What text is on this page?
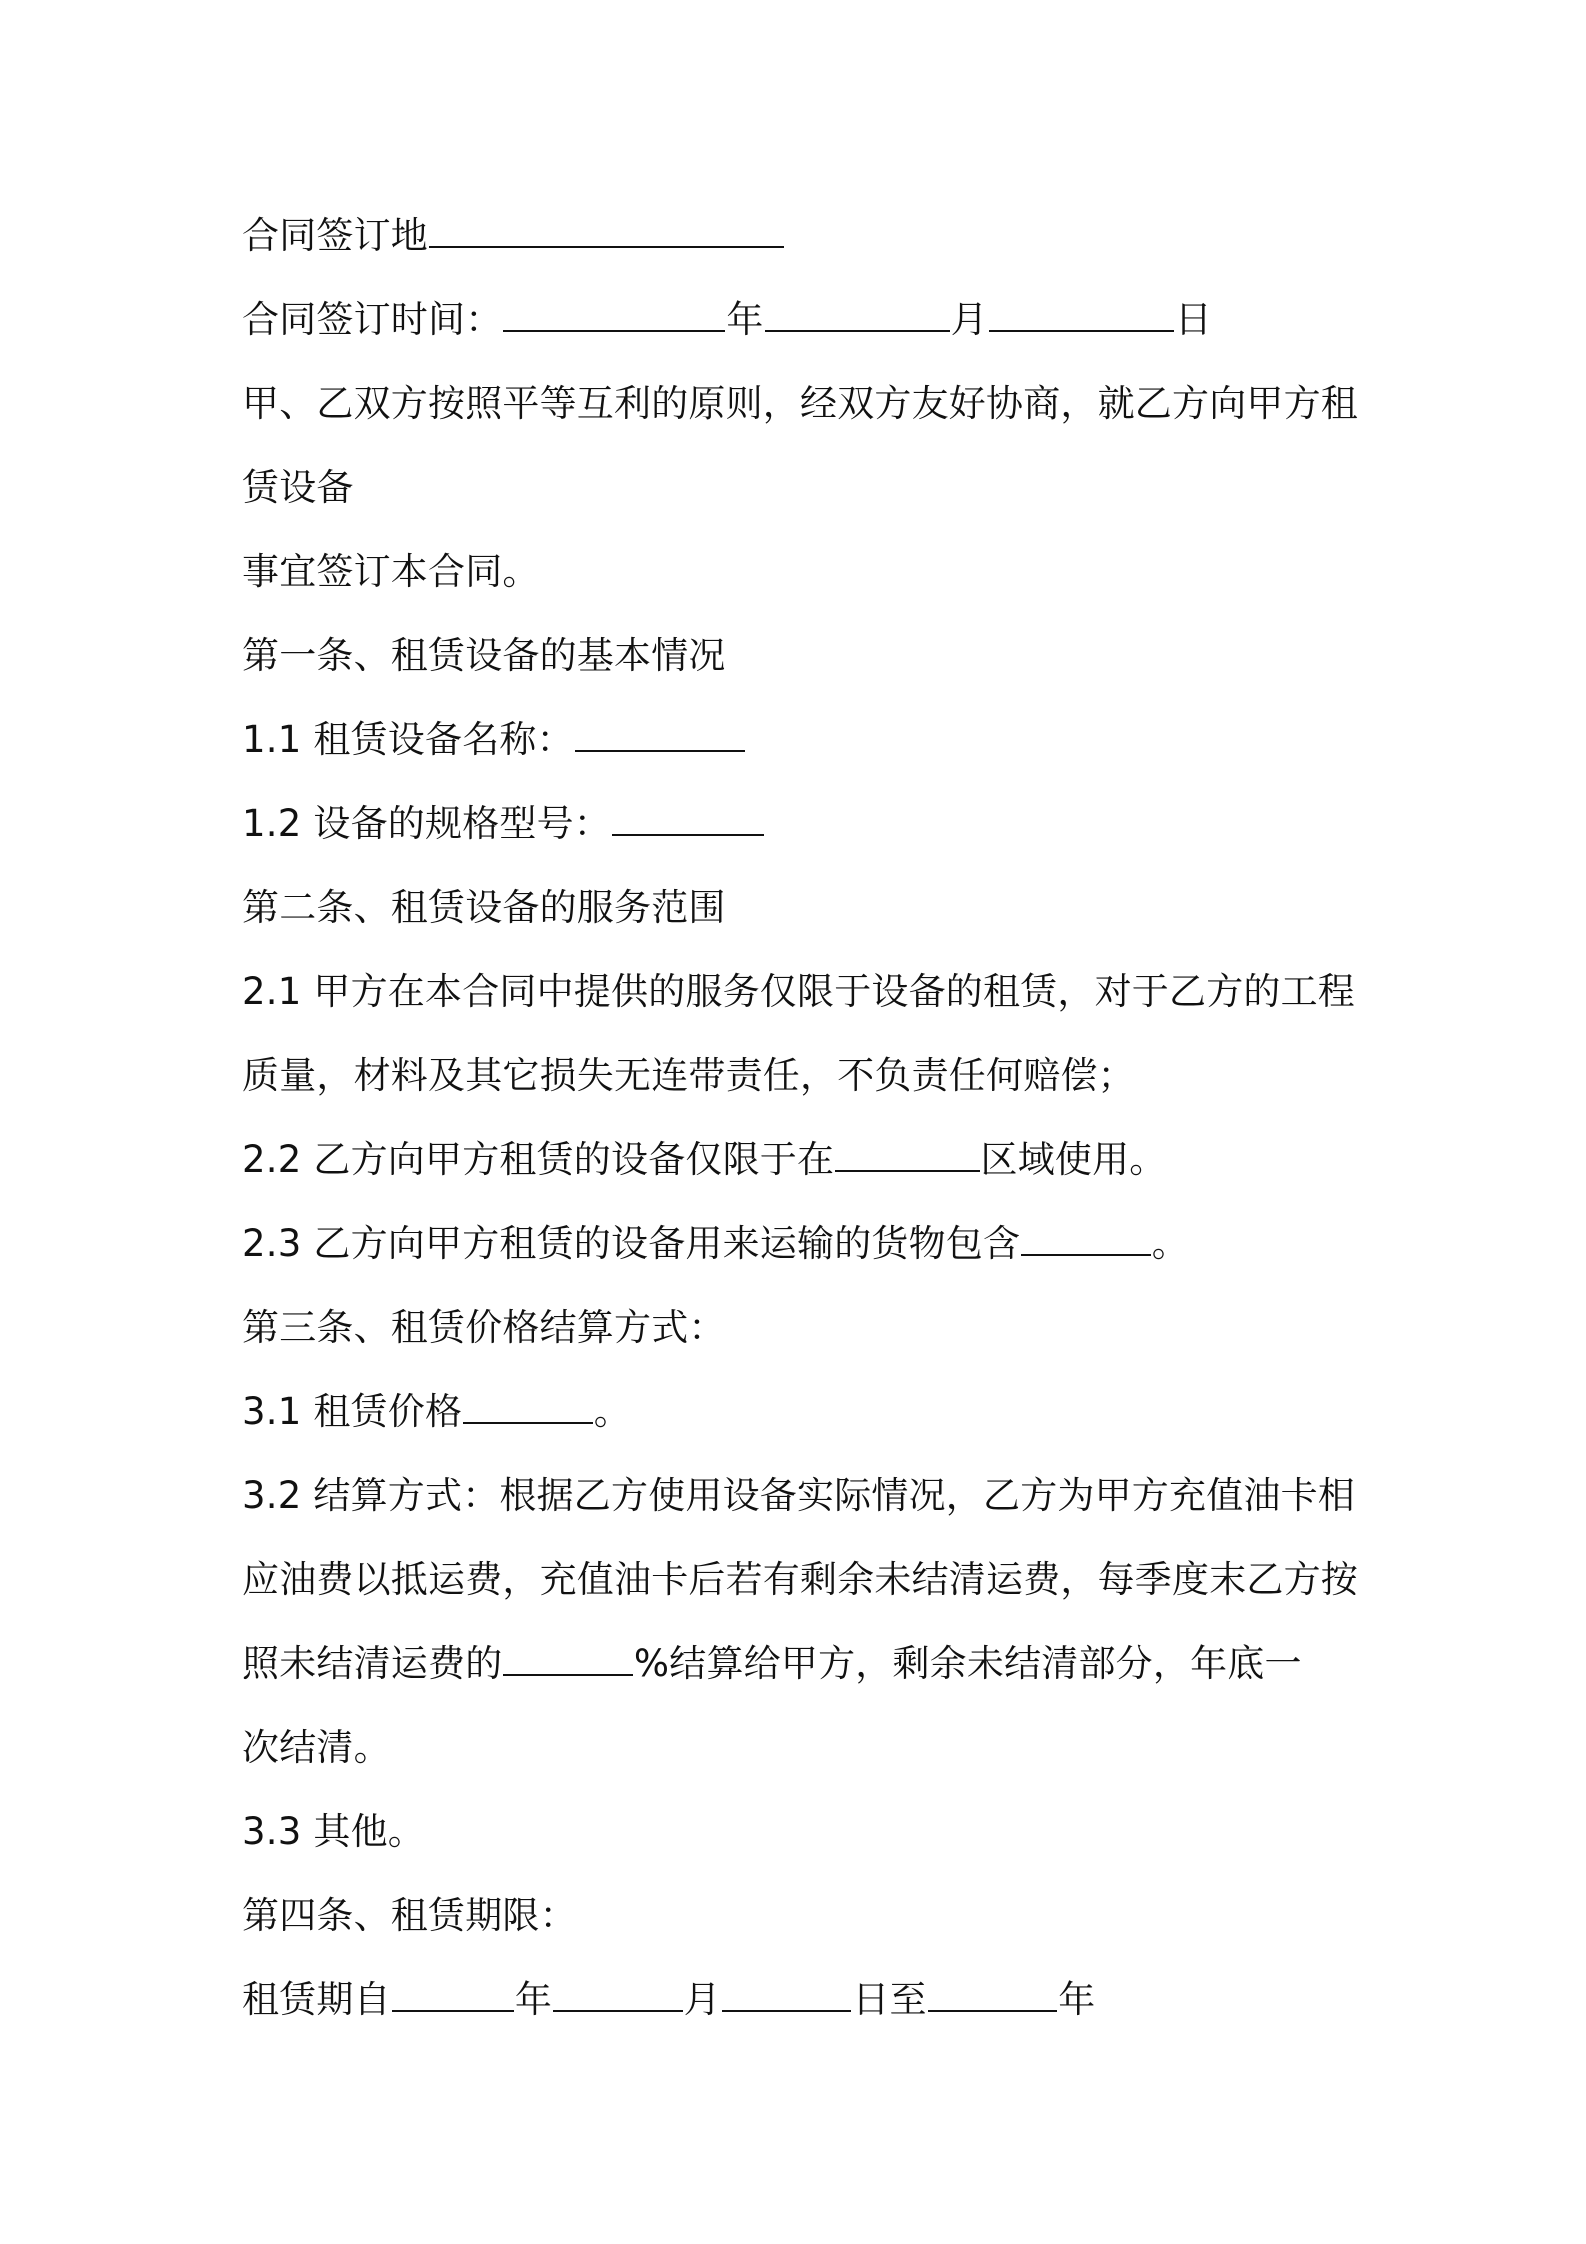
合同签订地

合同签订时间：	年	月	日

甲、乙双方按照平等互利的原则，经双方友好协商，就乙方向甲方租

赁设备

事宜签订本合同。

第一条、租赁设备的基本情况

1.1 租赁设备名称：

1.2 设备的规格型号：

第二条、租赁设备的服务范围

2.1 甲方在本合同中提供的服务仅限于设备的租赁，对于乙方的工程

质量，材料及其它损失无连带责任，不负责任何赔偿；

2.2 乙方向甲方租赁的设备仅限于在	区域使用。

2.3 乙方向甲方租赁的设备用来运输的货物包含	。

第三条、租赁价格结算方式：

3.1 租赁价格	。

3.2 结算方式：根据乙方使用设备实际情况，乙方为甲方充值油卡相

应油费以抵运费，充值油卡后若有剩余未结清运费，每季度末乙方按

照未结清运费的	%结算给甲方，剩余未结清部分，年底一

次结清。

3.3 其他。

第四条、租赁期限：

租赁期自	年	月	日至	年
